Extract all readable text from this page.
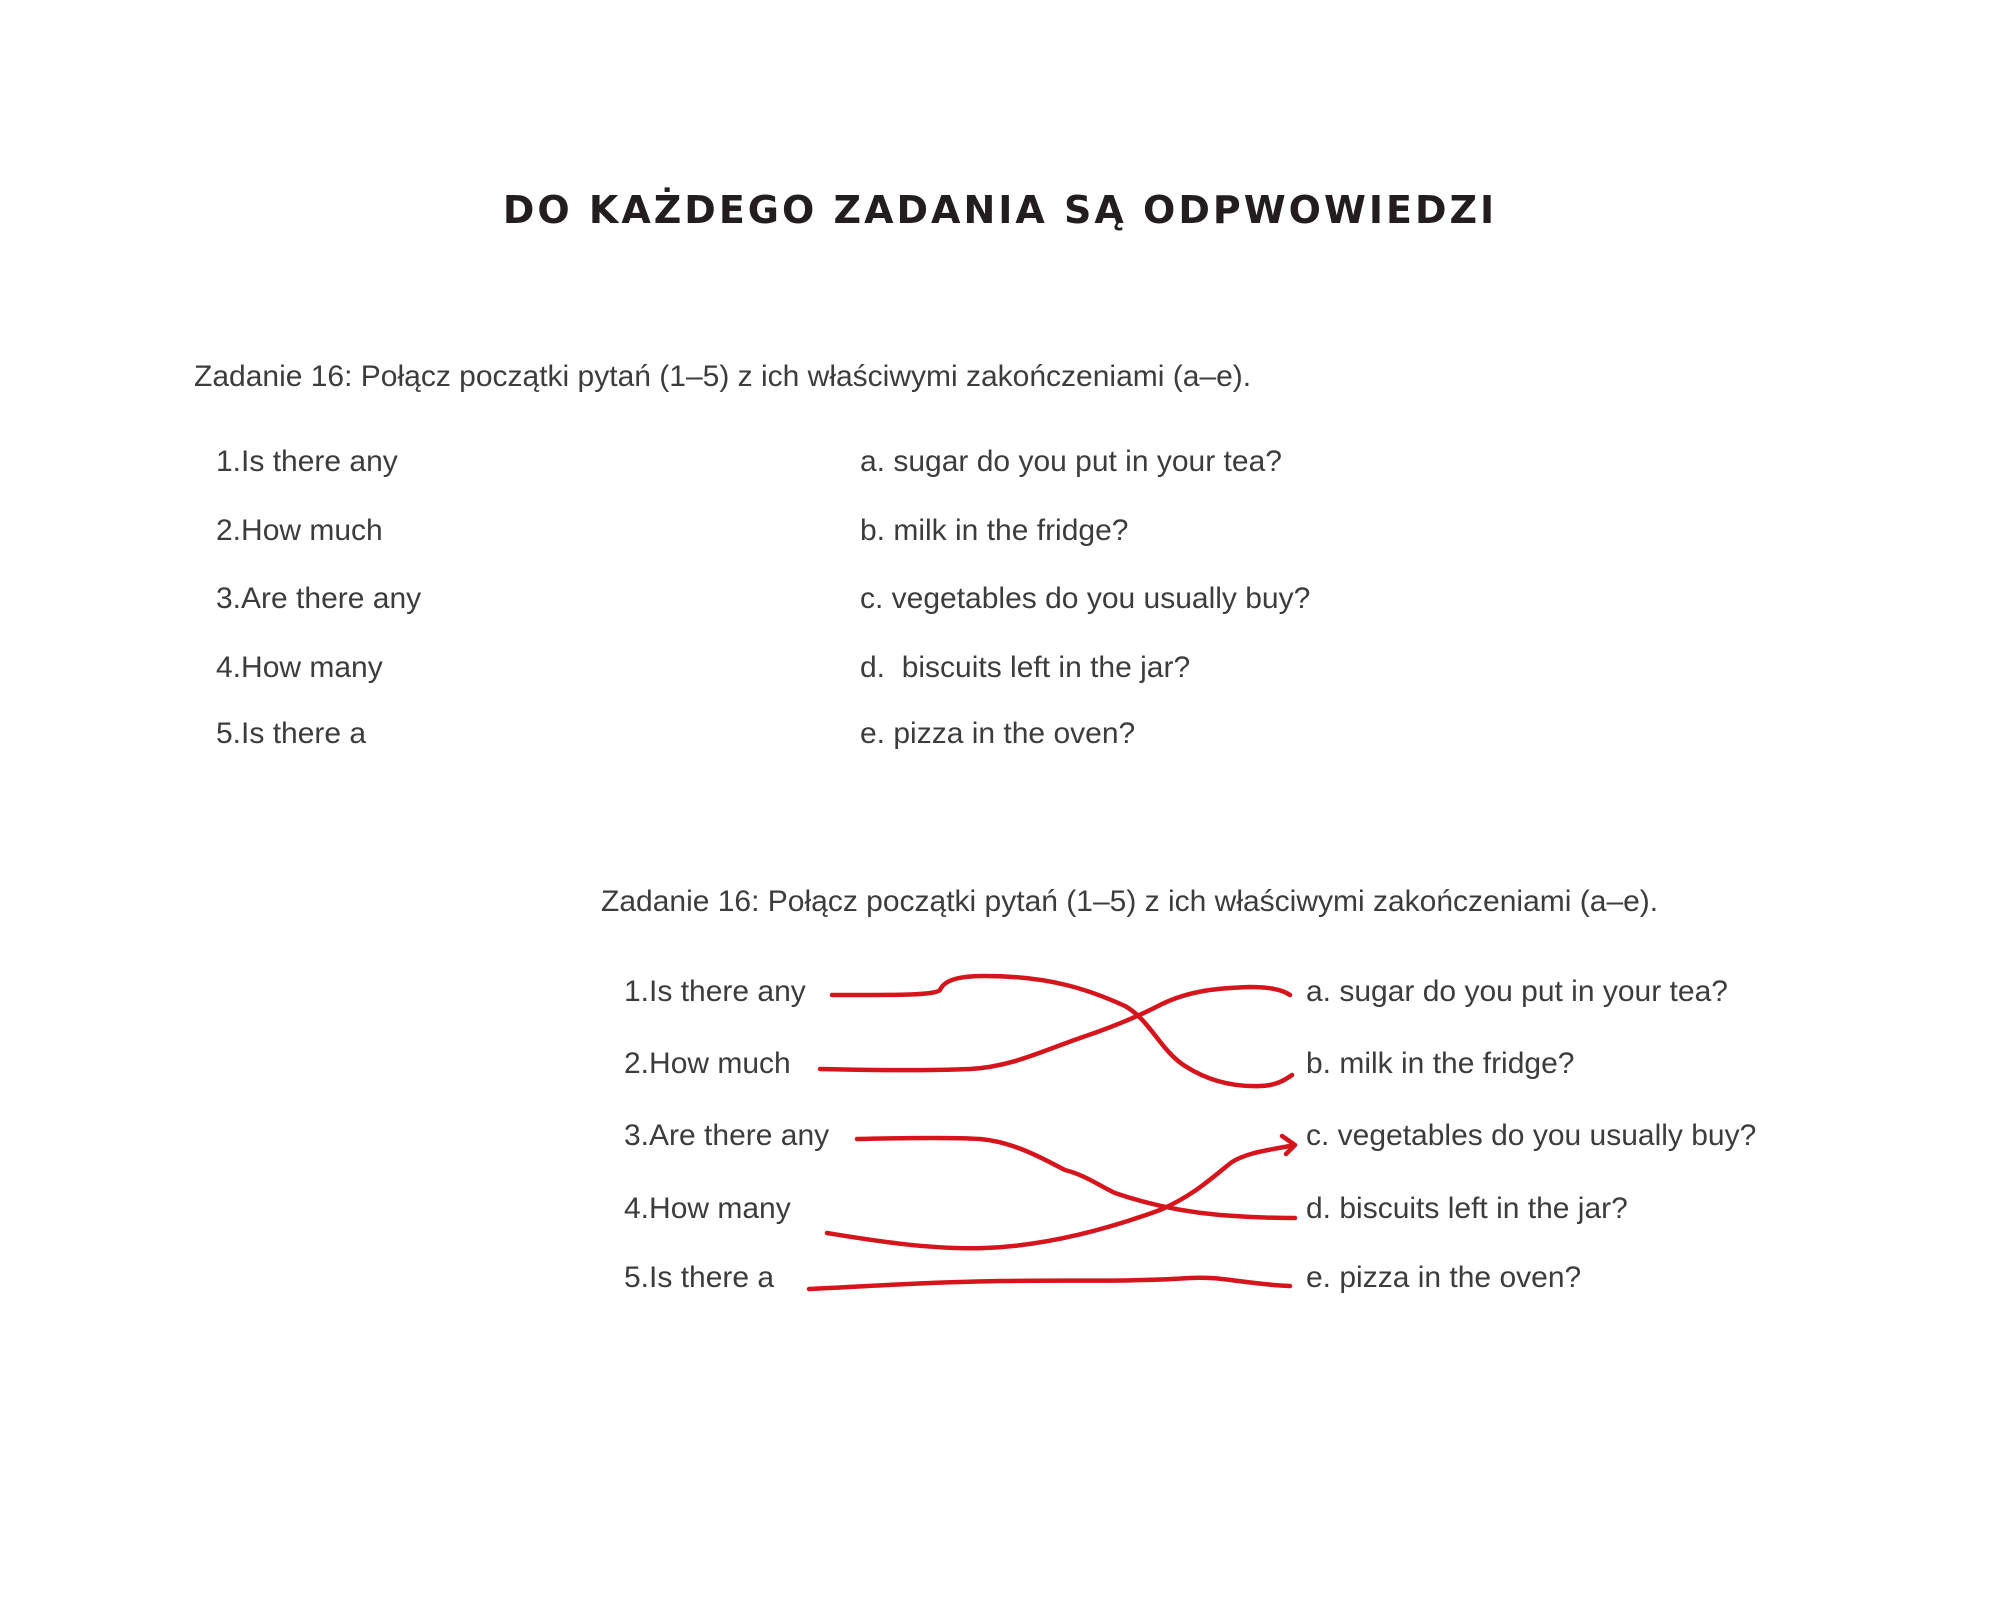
DO KAŻDEGO ZADANIA SĄ ODPWOWIEDZI
Zadanie 16: Połącz początki pytań (1–5) z ich właściwymi zakończeniami (a–e).
1.Is there any
2.How much
3.Are there any
4.How many
5.Is there a
a. sugar do you put in your tea?
b. milk in the fridge?
c. vegetables do you usually buy?
d.  biscuits left in the jar?
e. pizza in the oven?
Zadanie 16: Połącz początki pytań (1–5) z ich właściwymi zakończeniami (a–e).
1.Is there any
2.How much
3.Are there any
4.How many
5.Is there a
a. sugar do you put in your tea?
b. milk in the fridge?
c. vegetables do you usually buy?
d. biscuits left in the jar?
e. pizza in the oven?
